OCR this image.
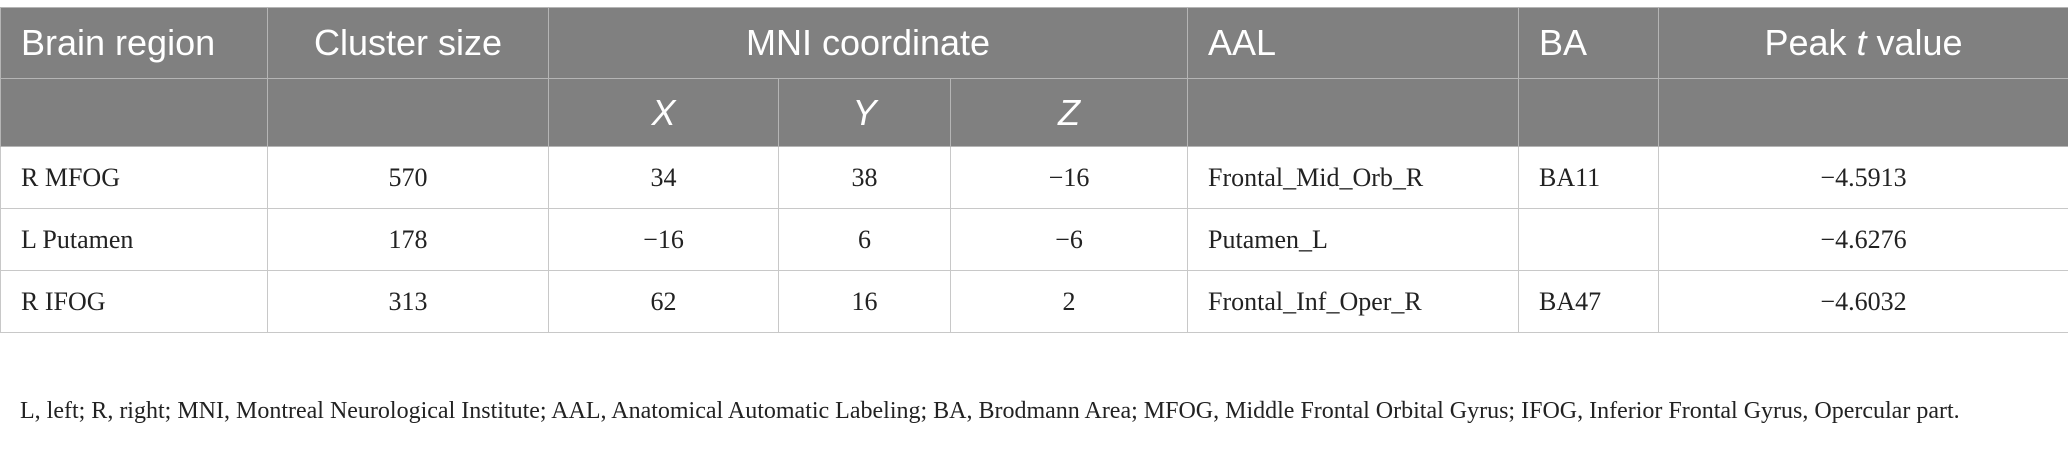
Brain region	Cluster size	MNI coordinate			AAL	BA	Peak t value
		X	Y	Z			
R MFOG	570	34	38	−16	Frontal_Mid_Orb_R	BA11	−4.5913
L Putamen	178	−16	6	−6	Putamen_L		−4.6276
R IFOG	313	62	16	2	Frontal_Inf_Oper_R	BA47	−4.6032

L, left; R, right; MNI, Montreal Neurological Institute; AAL, Anatomical Automatic Labeling; BA, Brodmann Area; MFOG, Middle Frontal Orbital Gyrus; IFOG, Inferior Frontal Gyrus, Opercular part.
